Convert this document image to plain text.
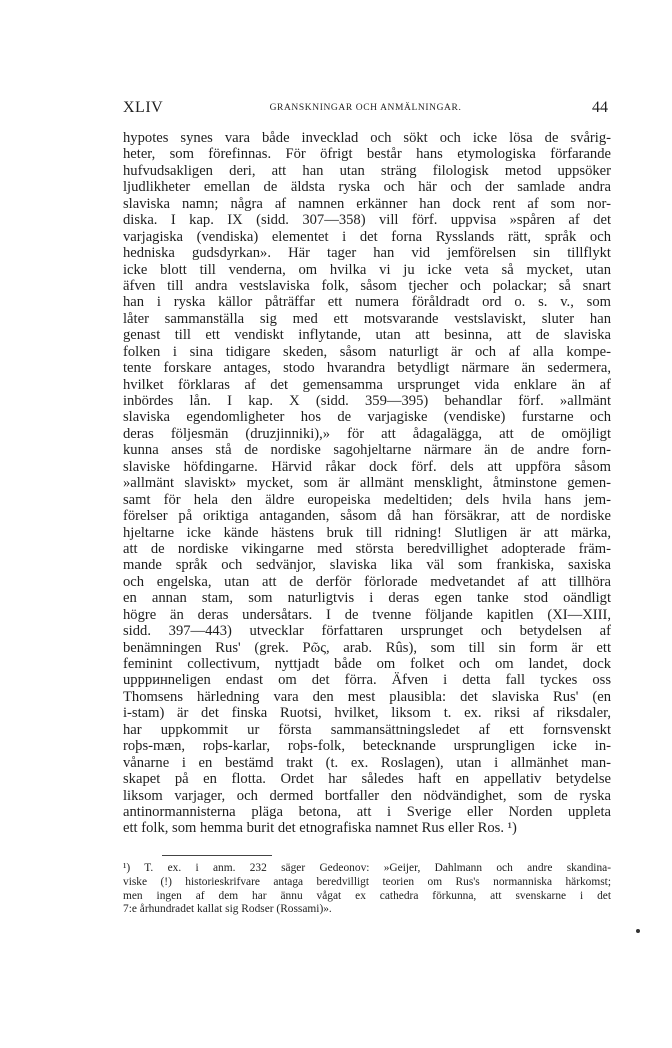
XLIV	GRANSKNINGAR OCH ANMÄLNINGAR.	44
hypotes synes vara både invecklad och sökt och icke lösa de svårig-
heter, som förefinnas. För öfrigt består hans etymologiska förfarande
hufvudsakligen deri, att han utan sträng filologisk metod uppsöker
ljudlikheter emellan de äldsta ryska och här och der samlade andra
slaviska namn; några af namnen erkänner han dock rent af som nor-
diska. I kap. IX (sidd. 307—358) vill förf. uppvisa »spåren af det
varjagiska (vendiska) elementet i det forna Rysslands rätt, språk och
hedniska gudsdyrkan». Här tager han vid jemförelsen sin tillflykt
icke blott till venderna, om hvilka vi ju icke veta så mycket, utan
äfven till andra vestslaviska folk, såsom tjecher och polackar; så snart
han i ryska källor påträffar ett numera föråldradt ord o. s. v., som
låter sammanställa sig med ett motsvarande vestslaviskt, sluter han
genast till ett vendiskt inflytande, utan att besinna, att de slaviska
folken i sina tidigare skeden, såsom naturligt är och af alla kompe-
tente forskare antages, stodo hvarandra betydligt närmare än sedermera,
hvilket förklaras af det gemensamma ursprunget vida enklare än af
inbördes lån. I kap. X (sidd. 359—395) behandlar förf. »allmänt
slaviska egendomligheter hos de varjagiske (vendiske) furstarne och
deras följesmän (druzjinniki),» för att ådagalägga, att de omöjligt
kunna anses stå de nordiske sagohjeltarne närmare än de andre forn-
slaviske höfdingarne. Härvid råkar dock förf. dels att uppföra såsom
»allmänt slaviskt» mycket, som är allmänt mensklight, åtminstone gemen-
samt för hela den äldre europeiska medeltiden; dels hvila hans jem-
förelser på oriktiga antaganden, såsom då han försäkrar, att de nordiske
hjeltarne icke kände hästens bruk till ridning! Slutligen är att märka,
att de nordiske vikingarne med största beredvillighet adopterade främ-
mande språk och sedvänjor, slaviska lika väl som frankiska, saxiska
och engelska, utan att de derför förlorade medvetandet af att tillhöra
en annan stam, som naturligtvis i deras egen tanke stod oändligt
högre än deras undersåtars. I de tvenne följande kapitlen (XI—XIII,
sidd. 397—443) utvecklar författaren ursprunget och betydelsen af
benämningen Rus' (grek. Ρῶς, arab. Rûs), som till sin form är ett
feminint collectivum, nyttjadt både om folket och om landet, dock
uppринneligen endast om det förra. Äfven i detta fall tyckes oss
Thomsens härledning vara den mest plausibla: det slaviska Rus' (en
i-stam) är det finska Ruotsi, hvilket, liksom t. ex. riksi af riksdaler,
har uppkommit ur första sammansättningsledet af ett fornsvenskt
roþs-mæn, roþs-karlar, roþs-folk, betecknande ursprungligen icke in-
vånarne i en bestämd trakt (t. ex. Roslagen), utan i allmänhet man-
skapet på en flotta. Ordet har således haft en appellativ betydelse
liksom varjager, och dermed bortfaller den nödvändighet, som de ryska
antinormannisterna pläga betona, att i Sverige eller Norden uppleta
ett folk, som hemma burit det etnografiska namnet Rus eller Ros. ¹)
¹) T. ex. i anm. 232 säger Gedeonov: »Geijer, Dahlmann och andre skandina-
viske (!) historieskrifvare antaga beredvilligt teorien om Rus's normanniska härkomst;
men ingen af dem har ännu vågat ex cathedra förkunna, att svenskarne i det
7:e århundradet kallat sig Rodser (Rossami)».
